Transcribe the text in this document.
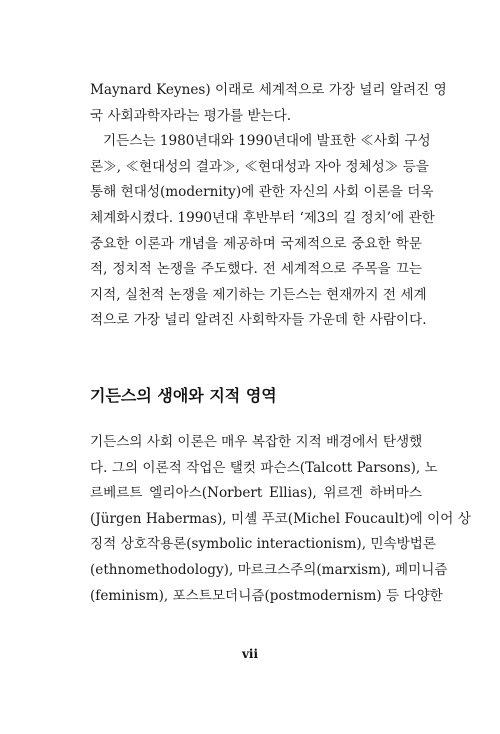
Maynard Keynes) 이래로 세계적으로 가장 널리 알려진 영
국 사회과학자라는 평가를 받는다.
기든스는 1980년대와 1990년대에 발표한 ≪사회 구성
론≫, ≪현대성의 결과≫, ≪현대성과 자아 정체성≫ 등을
통해 현대성(modernity)에 관한 자신의 사회 이론을 더욱
체계화시켰다. 1990년대 후반부터 ‘제3의 길 정치’에 관한
중요한 이론과 개념을 제공하며 국제적으로 중요한 학문
적, 정치적 논쟁을 주도했다. 전 세계적으로 주목을 끄는
지적, 실천적 논쟁을 제기하는 기든스는 현재까지 전 세계
적으로 가장 널리 알려진 사회학자들 가운데 한 사람이다.
기든스의 생애와 지적 영역
기든스의 사회 이론은 매우 복잡한 지적 배경에서 탄생했
다. 그의 이론적 작업은 탤컷 파슨스(Talcott Parsons), 노
르베르트 엘리아스(Norbert Ellias), 위르겐 하버마스
(Jürgen Habermas), 미셸 푸코(Michel Foucault)에 이어 상
징적 상호작용론(symbolic interactionism), 민속방법론
(ethnomethodology), 마르크스주의(marxism), 페미니즘
(feminism), 포스트모더니즘(postmodernism) 등 다양한
vii
